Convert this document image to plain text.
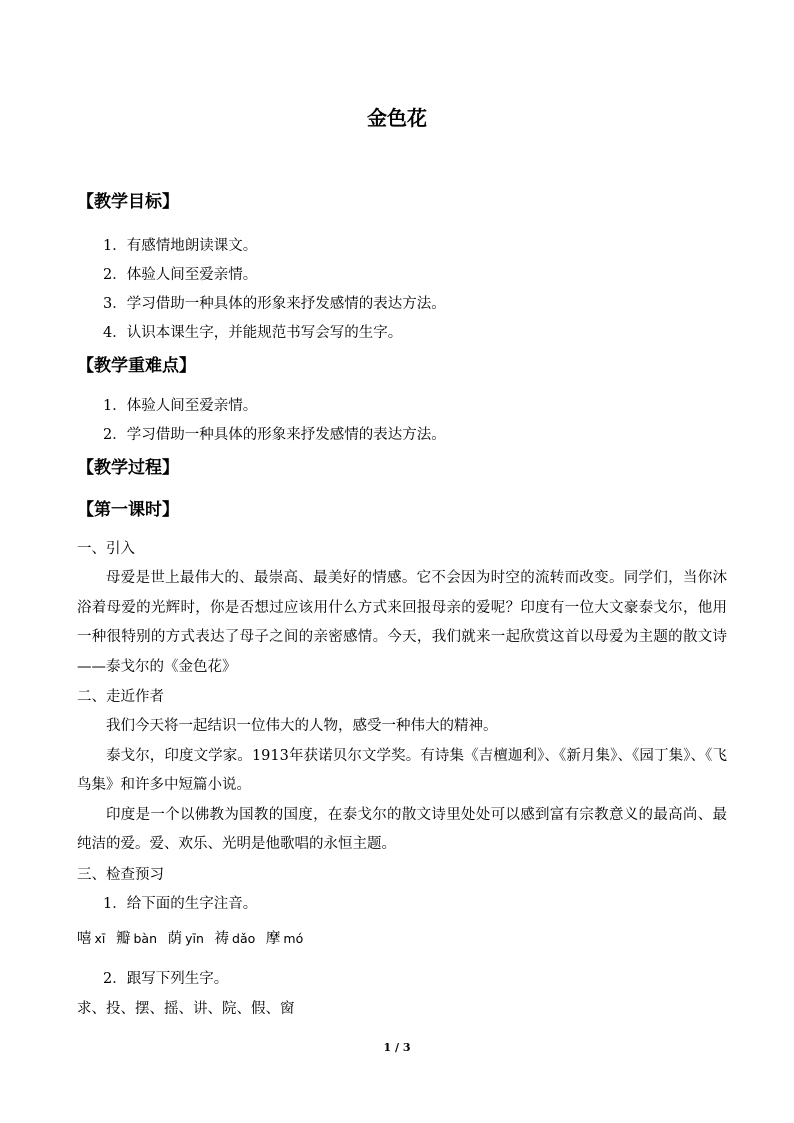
金色花
【教学目标】
1．有感情地朗读课文。
2．体验人间至爱亲情。
3．学习借助一种具体的形象来抒发感情的表达方法。
4．认识本课生字，并能规范书写会写的生字。
【教学重难点】
1．体验人间至爱亲情。
2．学习借助一种具体的形象来抒发感情的表达方法。
【教学过程】
【第一课时】
一、引入

母爱是世上最伟大的、最崇高、最美好的情感。它不会因为时空的流转而改变。同学们，当你沐浴着母爱的光辉时，你是否想过应该用什么方式来回报母亲的爱呢？印度有一位大文豪泰戈尔，他用一种很特别的方式表达了母子之间的亲密感情。今天，我们就来一起欣赏这首以母爱为主题的散文诗——泰戈尔的《金色花》

二、走近作者

我们今天将一起结识一位伟大的人物，感受一种伟大的精神。

泰戈尔，印度文学家。1913年获诺贝尔文学奖。有诗集《吉檀迦利》、《新月集》、《园丁集》、《飞鸟集》和许多中短篇小说。

印度是一个以佛教为国教的国度，在泰戈尔的散文诗里处处可以感到富有宗教意义的最高尚、最纯洁的爱。爱、欢乐、光明是他歌唱的永恒主题。

三、检查预习
1．给下面的生字注音。
嘻 xī 瓣 bàn 荫 yīn 祷 dǎo 摩 mó
2．跟写下列生字。
求、投、摆、摇、讲、院、假、窗
1 / 3
